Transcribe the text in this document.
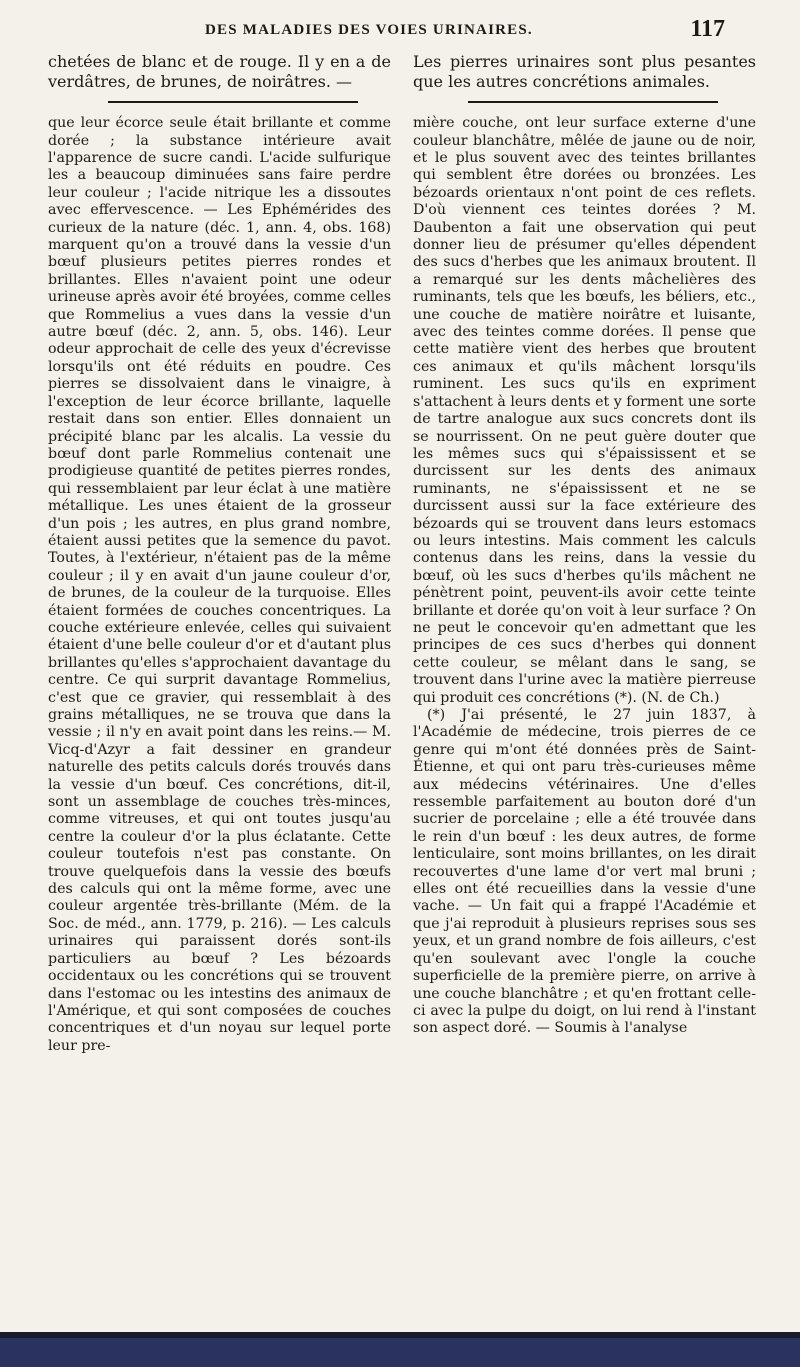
DES MALADIES DES VOIES URINAIRES.	117

chetées de blanc et de rouge. Il y en a de verdâtres, de brunes, de noirâtres. —

que leur écorce seule était brillante et comme dorée ; la substance intérieure avait l'apparence de sucre candi. L'acide sulfurique les a beaucoup diminuées sans faire perdre leur couleur ; l'acide nitrique les a dissoutes avec effervescence. — Les Ephémérides des curieux de la nature (déc. 1, ann. 4, obs. 168) marquent qu'on a trouvé dans la vessie d'un bœuf plusieurs petites pierres rondes et brillantes. Elles n'avaient point une odeur urineuse après avoir été broyées, comme celles que Rommelius a vues dans la vessie d'un autre bœuf (déc. 2, ann. 5, obs. 146). Leur odeur approchait de celle des yeux d'écrevisse lorsqu'ils ont été réduits en poudre. Ces pierres se dissolvaient dans le vinaigre, à l'exception de leur écorce brillante, laquelle restait dans son entier. Elles donnaient un précipité blanc par les alcalis. La vessie du bœuf dont parle Rommelius contenait une prodigieuse quantité de petites pierres rondes, qui ressemblaient par leur éclat à une matière métallique. Les unes étaient de la grosseur d'un pois ; les autres, en plus grand nombre, étaient aussi petites que la semence du pavot. Toutes, à l'extérieur, n'étaient pas de la même couleur ; il y en avait d'un jaune couleur d'or, de brunes, de la couleur de la turquoise. Elles étaient formées de couches concentriques. La couche extérieure enlevée, celles qui suivaient étaient d'une belle couleur d'or et d'autant plus brillantes qu'elles s'approchaient davantage du centre. Ce qui surprit davantage Rommelius, c'est que ce gravier, qui ressemblait à des grains métalliques, ne se trouva que dans la vessie ; il n'y en avait point dans les reins.— M. Vicq-d'Azyr a fait dessiner en grandeur naturelle des petits calculs dorés trouvés dans la vessie d'un bœuf. Ces concrétions, dit-il, sont un assemblage de couches très-minces, comme vitreuses, et qui ont toutes jusqu'au centre la couleur d'or la plus éclatante. Cette couleur toutefois n'est pas constante. On trouve quelquefois dans la vessie des bœufs des calculs qui ont la même forme, avec une couleur argentée très-brillante (Mém. de la Soc. de méd., ann. 1779, p. 216). — Les calculs urinaires qui paraissent dorés sont-ils particuliers au bœuf ? Les bézoards occidentaux ou les concrétions qui se trouvent dans l'estomac ou les intestins des animaux de l'Amérique, et qui sont composées de couches concentriques et d'un noyau sur lequel porte leur pre-

Les pierres urinaires sont plus pesantes que les autres concrétions animales.

mière couche, ont leur surface externe d'une couleur blanchâtre, mêlée de jaune ou de noir, et le plus souvent avec des teintes brillantes qui semblent être dorées ou bronzées. Les bézoards orientaux n'ont point de ces reflets. D'où viennent ces teintes dorées ? M. Daubenton a fait une observation qui peut donner lieu de présumer qu'elles dépendent des sucs d'herbes que les animaux broutent. Il a remarqué sur les dents mâchelières des ruminants, tels que les bœufs, les béliers, etc., une couche de matière noirâtre et luisante, avec des teintes comme dorées. Il pense que cette matière vient des herbes que broutent ces animaux et qu'ils mâchent lorsqu'ils ruminent. Les sucs qu'ils en expriment s'attachent à leurs dents et y forment une sorte de tartre analogue aux sucs concrets dont ils se nourrissent. On ne peut guère douter que les mêmes sucs qui s'épaississent et se durcissent sur les dents des animaux ruminants, ne s'épaississent et ne se durcissent aussi sur la face extérieure des bézoards qui se trouvent dans leurs estomacs ou leurs intestins. Mais comment les calculs contenus dans les reins, dans la vessie du bœuf, où les sucs d'herbes qu'ils mâchent ne pénètrent point, peuvent-ils avoir cette teinte brillante et dorée qu'on voit à leur surface ? On ne peut le concevoir qu'en admettant que les principes de ces sucs d'herbes qui donnent cette couleur, se mêlant dans le sang, se trouvent dans l'urine avec la matière pierreuse qui produit ces concrétions (*). (N. de Ch.)

(*) J'ai présenté, le 27 juin 1837, à l'Académie de médecine, trois pierres de ce genre qui m'ont été données près de Saint-Étienne, et qui ont paru très-curieuses même aux médecins vétérinaires. Une d'elles ressemble parfaitement au bouton doré d'un sucrier de porcelaine ; elle a été trouvée dans le rein d'un bœuf : les deux autres, de forme lenticulaire, sont moins brillantes, on les dirait recouvertes d'une lame d'or vert mal bruni ; elles ont été recueillies dans la vessie d'une vache. — Un fait qui a frappé l'Académie et que j'ai reproduit à plusieurs reprises sous ses yeux, et un grand nombre de fois ailleurs, c'est qu'en soulevant avec l'ongle la couche superficielle de la première pierre, on arrive à une couche blanchâtre ; et qu'en frottant celle-ci avec la pulpe du doigt, on lui rend à l'instant son aspect doré. — Soumis à l'analyse
